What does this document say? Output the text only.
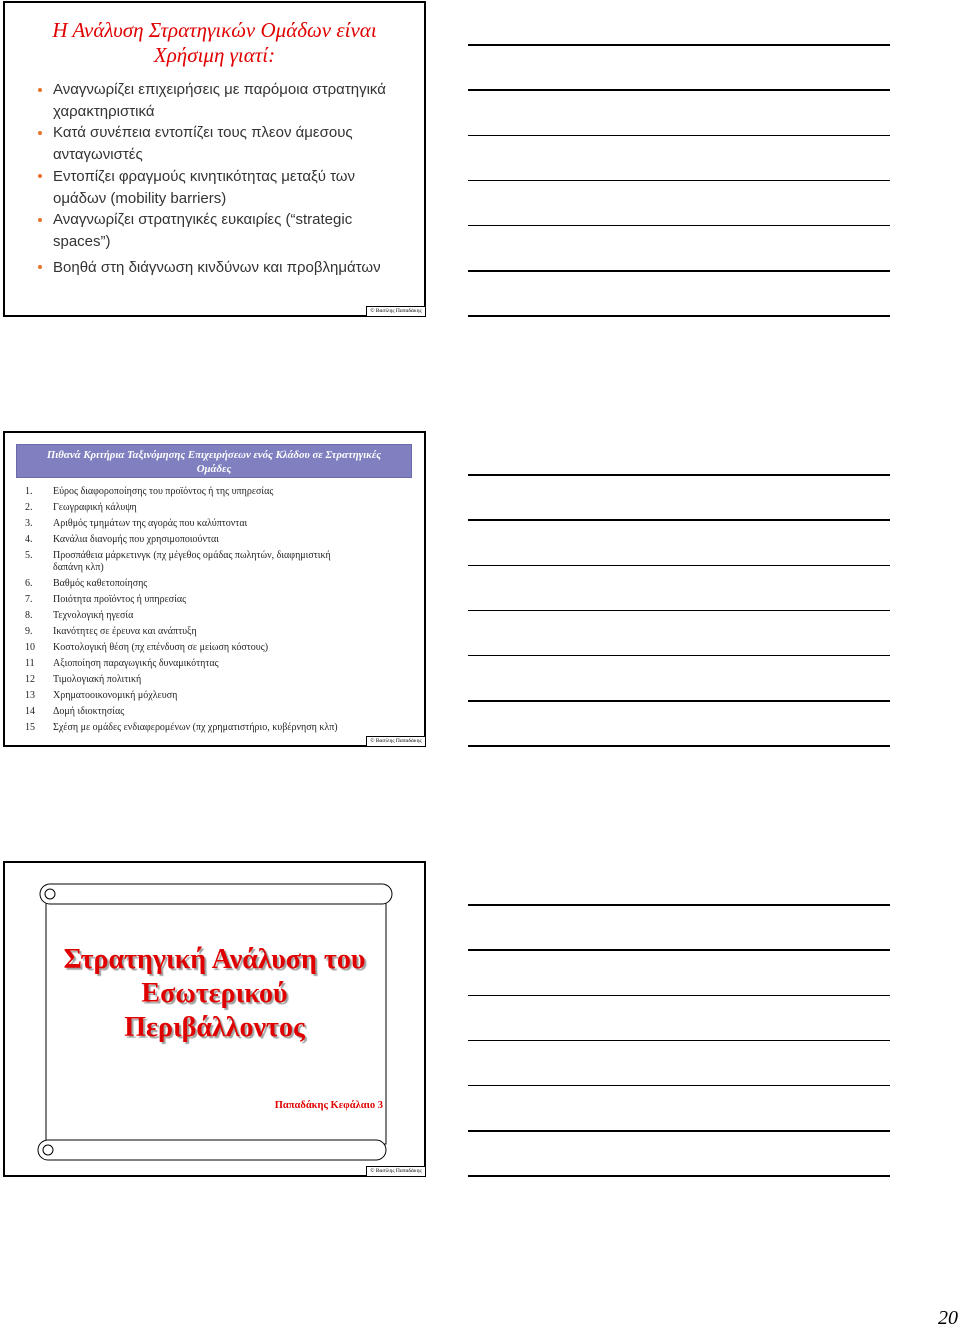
Η Ανάλυση Στρατηγικών Ομάδων είναι
Χρήσιμη γιατί:
Αναγνωρίζει επιχειρήσεις με παρόμοια στρατηγικά
χαρακτηριστικά
Κατά συνέπεια εντοπίζει τους πλεον άμεσους
ανταγωνιστές
Εντοπίζει φραγμούς κινητικότητας μεταξύ των
ομάδων (mobility barriers)
Αναγνωρίζει στρατηγικές ευκαιρίες (“strategic
spaces”)
Βοηθά στη διάγνωση κινδύνων και προβλημάτων
© Βασίλης Παπαδάκης
Πιθανά Κριτήρια Ταξινόμησης Επιχειρήσεων ενός Κλάδου σε Στρατηγικές
Ομάδες
1. Εύρος διαφοροποίησης του προϊόντος ή της υπηρεσίας
2. Γεωγραφική κάλυψη
3. Αριθμός τμημάτων της αγοράς που καλύπτονται
4. Κανάλια διανομής που χρησιμοποιούνται
5. Προσπάθεια μάρκετινγκ (πχ μέγεθος ομάδας πωλητών, διαφημιστική
δαπάνη κλπ)
6. Βαθμός καθετοποίησης
7. Ποιότητα προϊόντος ή υπηρεσίας
8. Τεχνολογική ηγεσία
9. Ικανότητες σε έρευνα και ανάπτυξη
10 Κοστολογική θέση (πχ επένδυση σε μείωση κόστους)
11 Αξιοποίηση παραγωγικής δυναμικότητας
12 Τιμολογιακή πολιτική
13 Χρηματοοικονομική μόχλευση
14 Δομή ιδιοκτησίας
15 Σχέση με ομάδες ενδιαφερομένων (πχ χρηματιστήριο, κυβέρνηση κλπ)
© Βασίλης Παπαδάκης
Στρατηγική Ανάλυση του
Εσωτερικού
Περιβάλλοντος
Παπαδάκης Κεφάλαιο 3
© Βασίλης Παπαδάκης
20
